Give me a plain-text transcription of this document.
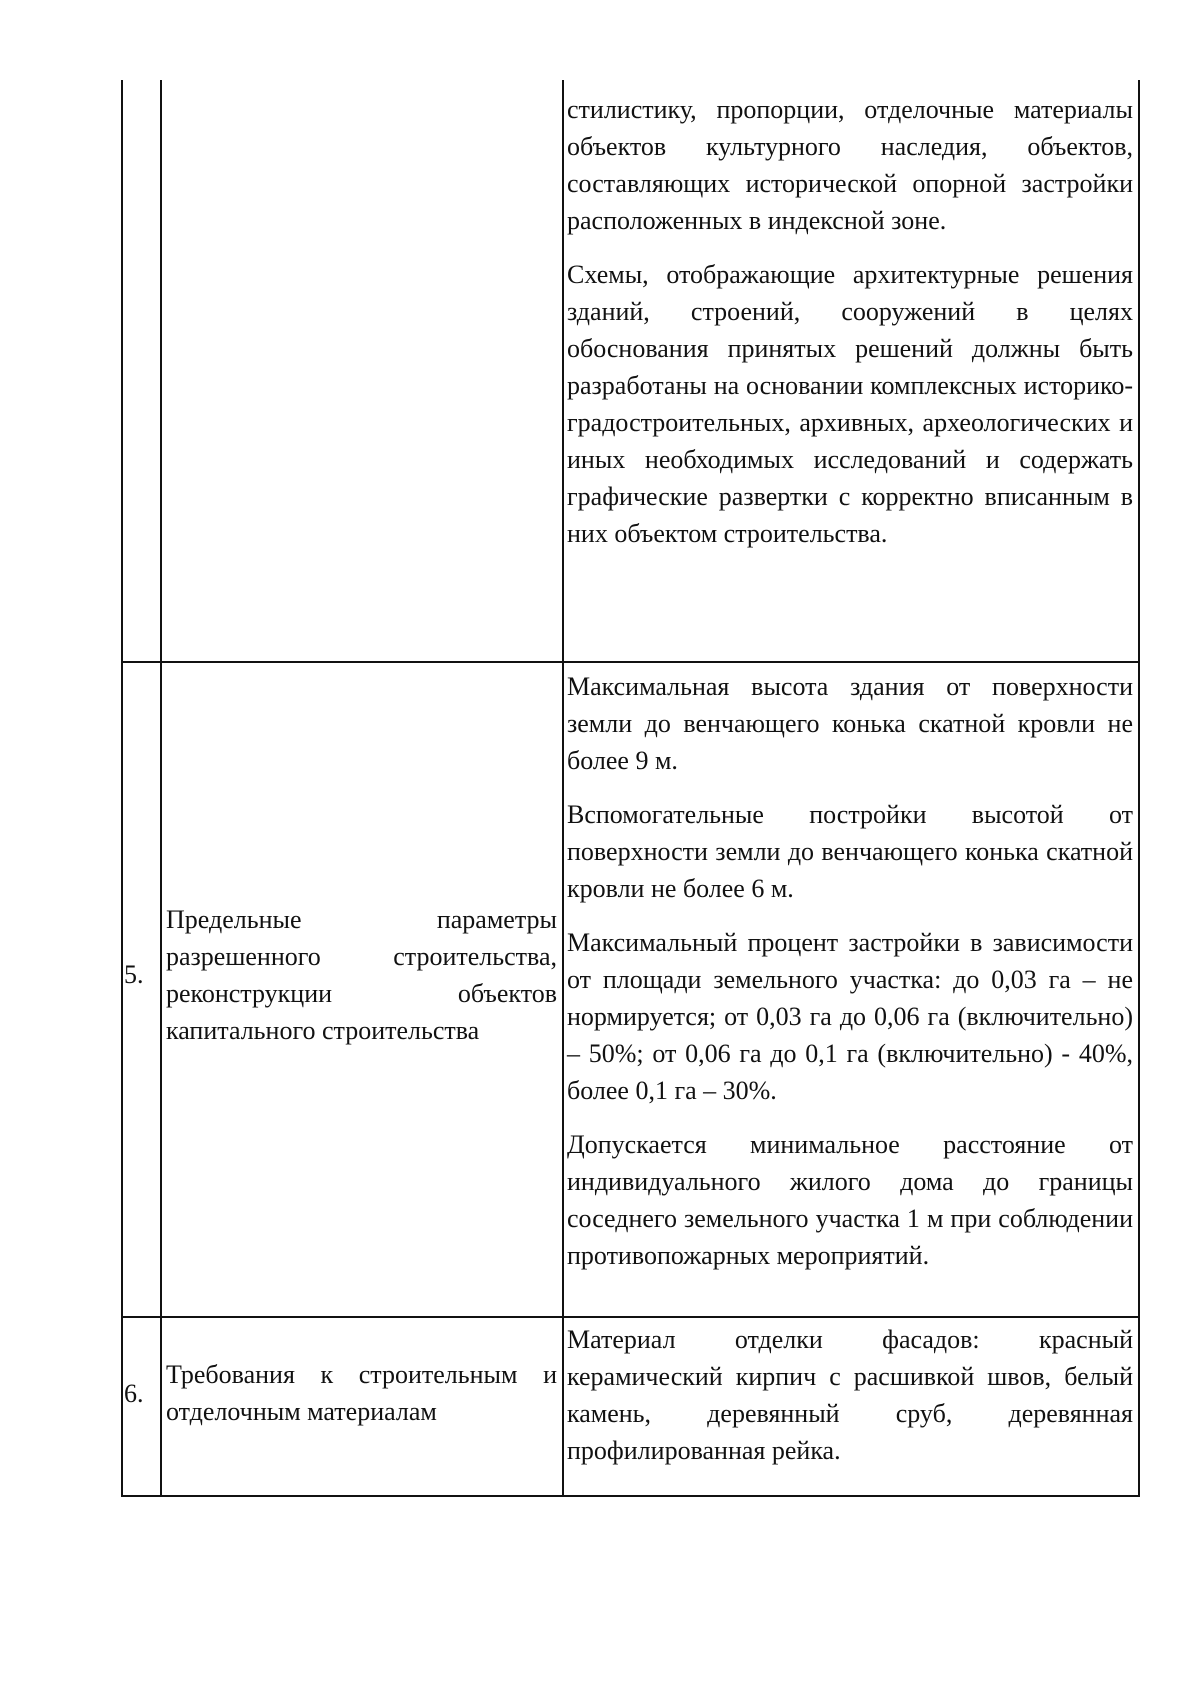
стилистику, пропорции, отделочные материалы объектов культурного наследия, объектов, составляющих исторической опорной застройки расположенных в индексной зоне.

Схемы, отображающие архитектурные решения зданий, строений, сооружений в целях обоснования принятых решений должны быть разработаны на основании комплексных историко-градостроительных, архивных, археологических и иных необходимых исследований и содержать графические развертки с корректно вписанным в них объектом строительства.

5.

Предельные параметры разрешенного строительства, реконструкции объектов капитального строительства

Максимальная высота здания от поверхности земли до венчающего конька скатной кровли не более 9 м.

Вспомогательные постройки высотой от поверхности земли до венчающего конька скатной кровли не более 6 м.

Максимальный процент застройки в зависимости от площади земельного участка: до 0,03 га – не нормируется; от 0,03 га до 0,06 га (включительно) – 50%; от 0,06 га до 0,1 га (включительно) - 40%, более 0,1 га – 30%.

Допускается минимальное расстояние от индивидуального жилого дома до границы соседнего земельного участка 1 м при соблюдении противопожарных мероприятий.

6.

Требования к строительным и отделочным материалам

Материал отделки фасадов: красный керамический кирпич с расшивкой швов, белый камень, деревянный сруб, деревянная профилированная рейка.
